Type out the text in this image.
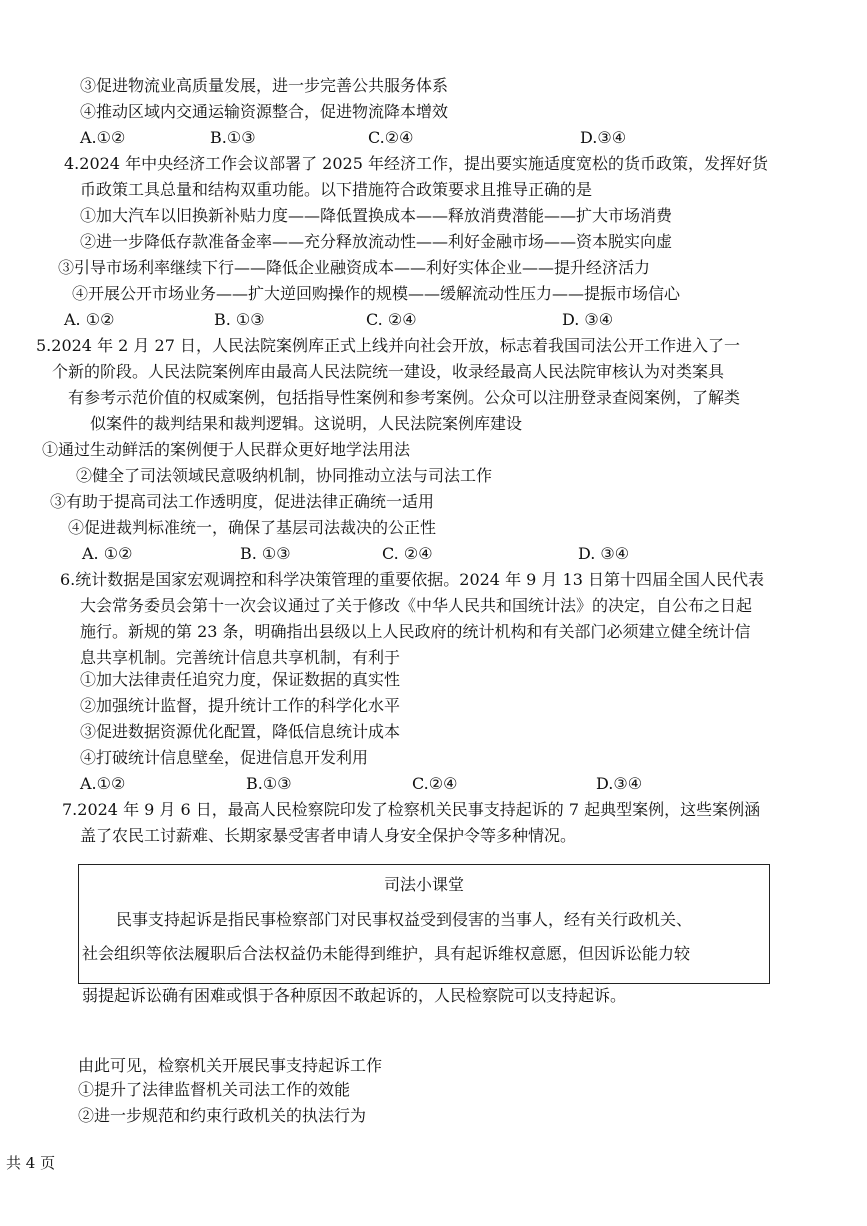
③促进物流业高质量发展，进一步完善公共服务体系
④推动区域内交通运输资源整合，促进物流降本增效
A.①②	B.①③	C.②④	D.③④
4.2024 年中央经济工作会议部署了 2025 年经济工作，提出要实施适度宽松的货币政策，发挥好货
币政策工具总量和结构双重功能。以下措施符合政策要求且推导正确的是
①加大汽车以旧换新补贴力度——降低置换成本——释放消费潜能——扩大市场消费
②进一步降低存款准备金率——充分释放流动性——利好金融市场——资本脱实向虚
③引导市场利率继续下行——降低企业融资成本——利好实体企业——提升经济活力
④开展公开市场业务——扩大逆回购操作的规模——缓解流动性压力——提振市场信心
A. ①②	B. ①③	C. ②④	D. ③④
5.2024 年 2 月 27 日，人民法院案例库正式上线并向社会开放，标志着我国司法公开工作进入了一
个新的阶段。人民法院案例库由最高人民法院统一建设，收录经最高人民法院审核认为对类案具
有参考示范价值的权威案例，包括指导性案例和参考案例。公众可以注册登录查阅案例，了解类
似案件的裁判结果和裁判逻辑。这说明，人民法院案例库建设
①通过生动鲜活的案例便于人民群众更好地学法用法
②健全了司法领域民意吸纳机制，协同推动立法与司法工作
③有助于提高司法工作透明度，促进法律正确统一适用
④促进裁判标准统一，确保了基层司法裁决的公正性
A. ①②	B. ①③	C. ②④	D. ③④
6.统计数据是国家宏观调控和科学决策管理的重要依据。2024 年 9 月 13 日第十四届全国人民代表
大会常务委员会第十一次会议通过了关于修改《中华人民共和国统计法》的决定，自公布之日起
施行。新规的第 23 条，明确指出县级以上人民政府的统计机构和有关部门必须建立健全统计信
息共享机制。完善统计信息共享机制，有利于
①加大法律责任追究力度，保证数据的真实性
②加强统计监督，提升统计工作的科学化水平
③促进数据资源优化配置，降低信息统计成本
④打破统计信息壁垒，促进信息开发利用
A.①②	B.①③	C.②④	D.③④
7.2024 年 9 月 6 日，最高人民检察院印发了检察机关民事支持起诉的 7 起典型案例，这些案例涵
盖了农民工讨薪难、长期家暴受害者申请人身安全保护令等多种情况。
司法小课堂
民事支持起诉是指民事检察部门对民事权益受到侵害的当事人，经有关行政机关、
社会组织等依法履职后合法权益仍未能得到维护，具有起诉维权意愿，但因诉讼能力较
弱提起诉讼确有困难或惧于各种原因不敢起诉的，人民检察院可以支持起诉。
由此可见，检察机关开展民事支持起诉工作
①提升了法律监督机关司法工作的效能
②进一步规范和约束行政机关的执法行为
共 4 页
